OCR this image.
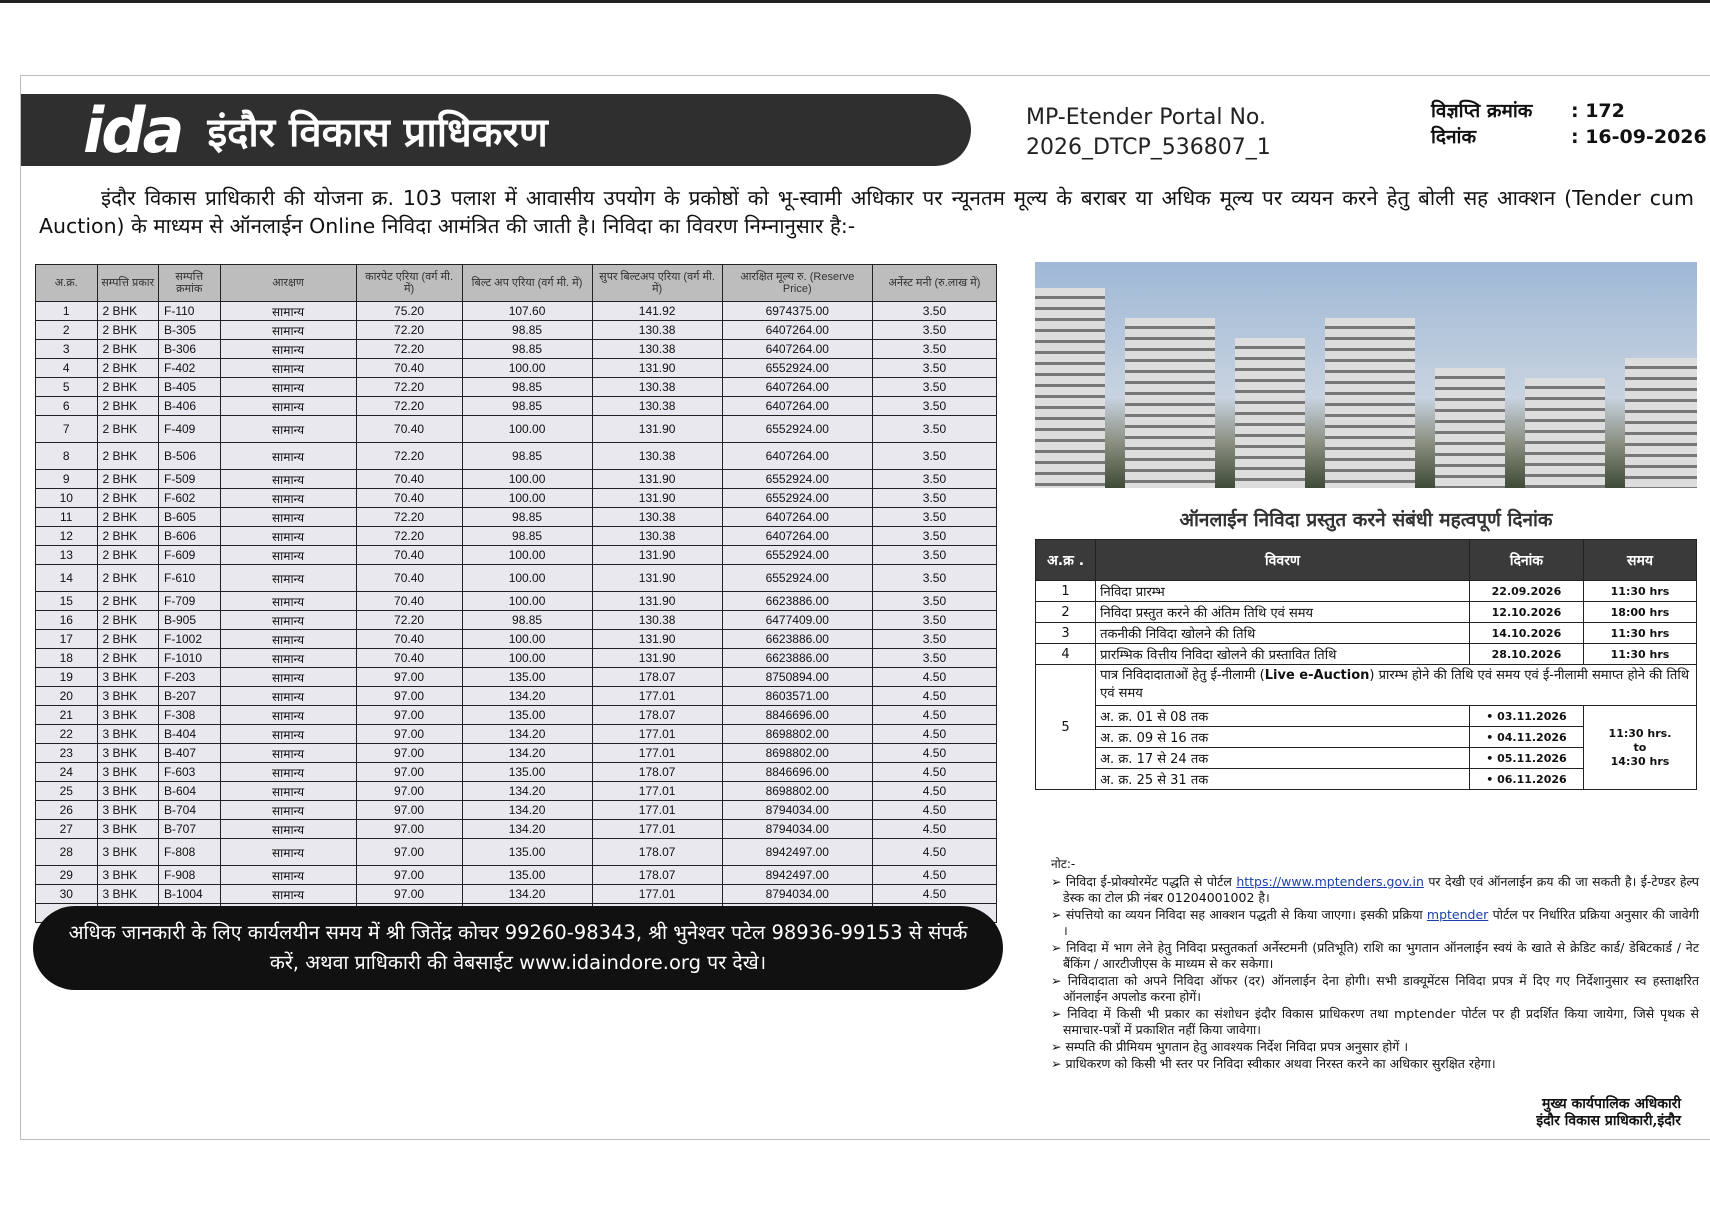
ida इंदौर विकास प्राधिकरण	MP-Etender Portal No.
2026_DTCP_536807_1
विज्ञप्ति क्रमांक : 172
दिनांक	: 16-09-2026
इंदौर विकास प्राधिकारी की योजना क्र. 103 पलाश में आवासीय उपयोग के प्रकोष्ठों को भू-स्वामी अधिकार पर न्यूनतम मूल्य के बराबर या अधिक मूल्य पर व्ययन करने हेतु बोली सह आक्शन (Tender cum Auction) के माध्यम से ऑनलाईन Online निविदा आमंत्रित की जाती है। निविदा का विवरण निम्नानुसार है:-
अ.क्र.	सम्पत्ति प्रकार	सम्पत्ति क्रमांक	आरक्षण	कारपेट एरिया (वर्ग मी. में)	बिल्ट अप एरिया (वर्ग मी. में)	सुपर बिल्टअप एरिया (वर्ग मी. में)	आरक्षित मूल्य रु. (Reserve Price)	अर्नेस्ट मनी (रु.लाख में)
1	2 BHK	F-110	सामान्य	75.20	107.60	141.92	6974375.00	3.50
2	2 BHK	B-305	सामान्य	72.20	98.85	130.38	6407264.00	3.50
3	2 BHK	B-306	सामान्य	72.20	98.85	130.38	6407264.00	3.50
4	2 BHK	F-402	सामान्य	70.40	100.00	131.90	6552924.00	3.50
5	2 BHK	B-405	सामान्य	72.20	98.85	130.38	6407264.00	3.50
6	2 BHK	B-406	सामान्य	72.20	98.85	130.38	6407264.00	3.50
7	2 BHK	F-409	सामान्य	70.40	100.00	131.90	6552924.00	3.50
8	2 BHK	B-506	सामान्य	72.20	98.85	130.38	6407264.00	3.50
9	2 BHK	F-509	सामान्य	70.40	100.00	131.90	6552924.00	3.50
10	2 BHK	F-602	सामान्य	70.40	100.00	131.90	6552924.00	3.50
11	2 BHK	B-605	सामान्य	72.20	98.85	130.38	6407264.00	3.50
12	2 BHK	B-606	सामान्य	72.20	98.85	130.38	6407264.00	3.50
13	2 BHK	F-609	सामान्य	70.40	100.00	131.90	6552924.00	3.50
14	2 BHK	F-610	सामान्य	70.40	100.00	131.90	6552924.00	3.50
15	2 BHK	F-709	सामान्य	70.40	100.00	131.90	6623886.00	3.50
16	2 BHK	B-905	सामान्य	72.20	98.85	130.38	6477409.00	3.50
17	2 BHK	F-1002	सामान्य	70.40	100.00	131.90	6623886.00	3.50
18	2 BHK	F-1010	सामान्य	70.40	100.00	131.90	6623886.00	3.50
19	3 BHK	F-203	सामान्य	97.00	135.00	178.07	8750894.00	4.50
20	3 BHK	B-207	सामान्य	97.00	134.20	177.01	8603571.00	4.50
21	3 BHK	F-308	सामान्य	97.00	135.00	178.07	8846696.00	4.50
22	3 BHK	B-404	सामान्य	97.00	134.20	177.01	8698802.00	4.50
23	3 BHK	B-407	सामान्य	97.00	134.20	177.01	8698802.00	4.50
24	3 BHK	F-603	सामान्य	97.00	135.00	178.07	8846696.00	4.50
25	3 BHK	B-604	सामान्य	97.00	134.20	177.01	8698802.00	4.50
26	3 BHK	B-704	सामान्य	97.00	134.20	177.01	8794034.00	4.50
27	3 BHK	B-707	सामान्य	97.00	134.20	177.01	8794034.00	4.50
28	3 BHK	F-808	सामान्य	97.00	135.00	178.07	8942497.00	4.50
29	3 BHK	F-908	सामान्य	97.00	135.00	178.07	8942497.00	4.50
30	3 BHK	B-1004	सामान्य	97.00	134.20	177.01	8794034.00	4.50

ऑनलाईन निविदा प्रस्तुत करने संबंधी महत्वपूर्ण दिनांक
अ.क्र .	विवरण	दिनांक	समय
1	निविदा प्रारम्भ	22.09.2026	11:30 hrs
2	निविदा प्रस्तुत करने की अंतिम तिथि एवं समय	12.10.2026	18:00 hrs
3	तकनीकी निविदा खोलने की तिथि	14.10.2026	11:30 hrs
4	प्रारम्भिक वित्तीय निविदा खोलने की प्रस्तावित तिथि	28.10.2026	11:30 hrs
5	पात्र निविदादाताओं हेतु ई-नीलामी (Live e-Auction) प्रारम्भ होने की तिथि एवं समय एवं ई-नीलामी समाप्त होने की तिथि एवं समय		
	अ. क्र. 01 से 08 तक	• 03.11.2026	11:30 hrs.
to
14:30 hrs

	अ. क्र. 09 से 16 तक	• 04.11.2026	
	अ. क्र. 17 से 24 तक	• 05.11.2026	
	अ. क्र. 25 से 31 तक	• 06.11.2026	
नोट:-

➢ निविदा ई-प्रोक्योरमेंट पद्धति से पोर्टल https://www.mptenders.gov.in पर देखी एवं ऑनलाईन क्रय की जा सकती है। ई-टेण्डर हेल्प डेस्क का टोल फ्री नंबर 01204001002 है।

➢ संपत्तियो का व्ययन निविदा सह आक्शन पद्धती से किया जाएगा। इसकी प्रक्रिया mptender पोर्टल पर निर्धारित प्रक्रिया अनुसार की जावेगी ।

➢ निविदा में भाग लेने हेतु निविदा प्रस्तुतकर्ता अर्नेस्टमनी (प्रतिभूति) राशि का भुगतान ऑनलाईन स्वयं के खाते से क्रेडिट कार्ड/ डेबिटकार्ड / नेट बैंकिंग / आरटीजीएस के माध्यम से कर सकेगा।

➢ निविदादाता को अपने निविदा ऑफर (दर) ऑनलाईन देना होगी। सभी डाक्यूमेंटस निविदा प्रपत्र में दिए गए निर्देशानुसार स्व हस्ताक्षरित ऑनलाईन अपलोड करना होगें।

➢ निविदा में किसी भी प्रकार का संशोधन इंदौर विकास प्राधिकरण तथा mptender पोर्टल पर ही प्रदर्शित किया जायेगा, जिसे पृथक से समाचार-पत्रों में प्रकाशित नहीं किया जावेगा।

➢ सम्पति की प्रीमियम भुगतान हेतु आवश्यक निर्देश निविदा प्रपत्र अनुसार होगें ।

➢ प्राधिकरण को किसी भी स्तर पर निविदा स्वीकार अथवा निरस्त करने का अधिकार सुरक्षित रहेगा।

मुख्य कार्यपालिक अधिकारी
इंदौर विकास प्राधिकारी,इंदौर
अधिक जानकारी के लिए कार्यलयीन समय में श्री जितेंद्र कोचर 99260-98343, श्री भुनेश्वर पटेल 98936-99153 से संपर्क करें, अथवा प्राधिकारी की वेबसाईट www.idaindore.org पर देखे।
